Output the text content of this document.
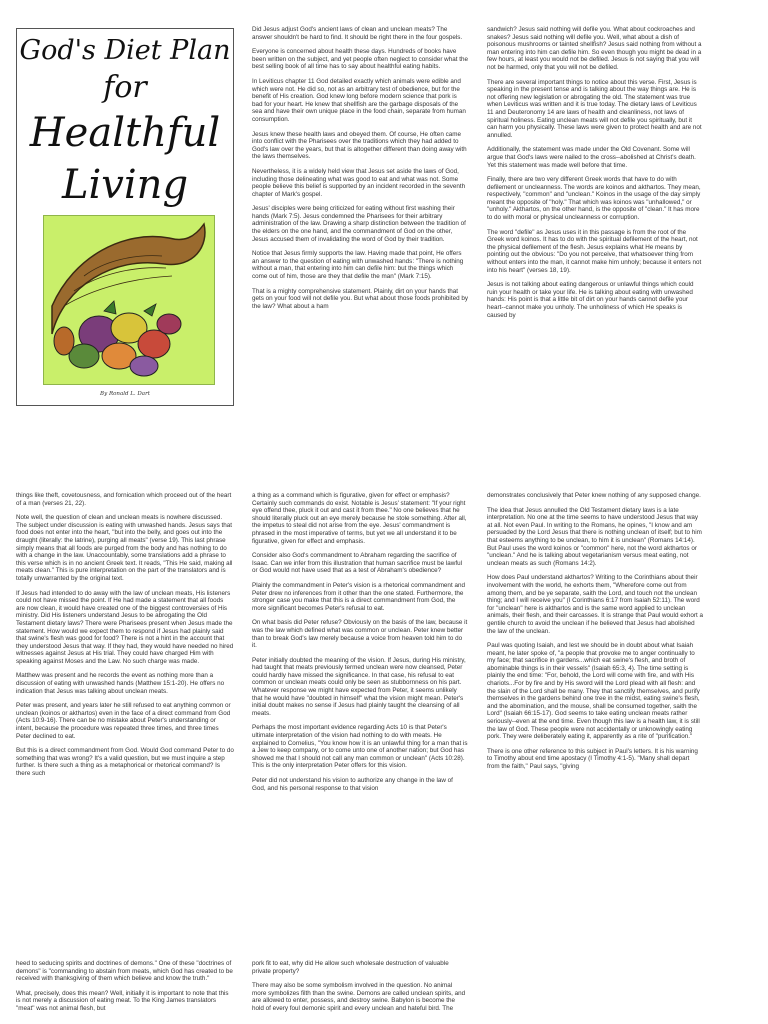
God's Diet Plan
for
Healthful
Living
By Ronald L. Dart

Did Jesus adjust God's ancient laws of clean and unclean meats? The answer shouldn't be hard to find. It should be right there in the four gospels.

Everyone is concerned about health these days. Hundreds of books have been written on the subject, and yet people often neglect to consider what the best selling book of all time has to say about healthful eating habits.

In Leviticus chapter 11 God detailed exactly which animals were edible and which were not. He did so, not as an arbitrary test of obedience, but for the benefit of His creation. God knew long before modern science that pork is bad for your heart. He knew that shellfish are the garbage disposals of the sea and have their own unique place in the food chain, separate from human consumption.

Jesus knew these health laws and obeyed them. Of course, He often came into conflict with the Pharisees over the traditions which they had added to God's law over the years, but that is altogether different than doing away with the laws themselves.

Nevertheless, it is a widely held view that Jesus set aside the laws of God, including those delineating what was good to eat and what was not. Some people believe this belief is supported by an incident recorded in the seventh chapter of Mark's gospel.

Jesus' disciples were being criticized for eating without first washing their hands (Mark 7:5). Jesus condemned the Pharisees for their arbitrary administration of the law. Drawing a sharp distinction between the tradition of the elders on the one hand, and the commandment of God on the other, Jesus accused them of invalidating the word of God by their tradition.

Notice that Jesus firmly supports the law. Having made that point, He offers an answer to the question of eating with unwashed hands: "There is nothing without a man, that entering into him can defile him: but the things which come out of him, those are they that defile the man" (Mark 7:15).

That is a mighty comprehensive statement. Plainly, dirt on your hands that gets on your food will not defile you. But what about those foods prohibited by the law? What about a ham

sandwich? Jesus said nothing will defile you. What about cockroaches and snakes? Jesus said nothing will defile you. Well, what about a dish of poisonous mushrooms or tainted shellfish? Jesus said nothing from without a man entering into him can defile him. So even though you might be dead in a few hours, at least you would not be defiled. Jesus is not saying that you will not be harmed, only that you will not be defiled.

There are several important things to notice about this verse. First, Jesus is speaking in the present tense and is talking about the way things are. He is not offering new legislation or abrogating the old. The statement was true when Leviticus was written and it is true today. The dietary laws of Leviticus 11 and Deuteronomy 14 are laws of health and cleanliness, not laws of spiritual holiness. Eating unclean meats will not defile you spiritually, but it can harm you physically. These laws were given to protect health and are not annulled.

Additionally, the statement was made under the Old Covenant. Some will argue that God's laws were nailed to the cross--abolished at Christ's death. Yet this statement was made well before that time.

Finally, there are two very different Greek words that have to do with defilement or uncleanness. The words are koinos and akthartos. They mean, respectively, "common" and "unclean." Koinos in the usage of the day simply meant the opposite of "holy." That which was koinos was "unhallowed," or "unholy." Akthartos, on the other hand, is the opposite of "clean." It has more to do with moral or physical uncleanness or corruption.

The word "defile" as Jesus uses it in this passage is from the root of the Greek word koinos. It has to do with the spiritual defilement of the heart, not the physical defilement of the flesh. Jesus explains what He means by pointing out the obvious: "Do you not perceive, that whatsoever thing from without enters into the man, it cannot make him unholy; because it enters not into his heart" (verses 18, 19).

Jesus is not talking about eating dangerous or unlawful things which could ruin your health or take your life. He is talking about eating with unwashed hands: His point is that a little bit of dirt on your hands cannot defile your heart--cannot make you unholy. The unholiness of which He speaks is caused by

things like theft, covetousness, and fornication which proceed out of the heart of a man (verses 21, 22).

Note well, the question of clean and unclean meats is nowhere discussed. The subject under discussion is eating with unwashed hands. Jesus says that food does not enter into the heart, "but into the belly, and goes out into the draught (literally: the latrine), purging all meats" (verse 19). This last phrase simply means that all foods are purged from the body and has nothing to do with a change in the law. Unaccountably, some translations add a phrase to this verse which is in no ancient Greek text. It reads, "This He said, making all meats clean." This is pure interpretation on the part of the translators and is totally unwarranted by the original text.

If Jesus had intended to do away with the law of unclean meats, His listeners could not have missed the point. If He had made a statement that all foods are now clean, it would have created one of the biggest controversies of His ministry. Did His listeners understand Jesus to be abrogating the Old Testament dietary laws? There were Pharisees present when Jesus made the statement. How would we expect them to respond if Jesus had plainly said that swine's flesh was good for food? There is not a hint in the account that they understood Jesus that way. If they had, they would have needed no hired witnesses against Jesus at His trial. They could have charged Him with speaking against Moses and the Law. No such charge was made.

Matthew was present and he records the event as nothing more than a discussion of eating with unwashed hands (Matthew 15:1-20). He offers no indication that Jesus was talking about unclean meats.

Peter was present, and years later he still refused to eat anything common or unclean (koinos or akthartos) even in the face of a direct command from God (Acts 10:9-16). There can be no mistake about Peter's understanding or intent, because the procedure was repeated three times, and three times Peter declined to eat.

But this is a direct commandment from God. Would God command Peter to do something that was wrong? It's a valid question, but we must inquire a step further. Is there such a thing as a metaphorical or rhetorical command? Is there such

a thing as a command which is figurative, given for effect or emphasis? Certainly such commands do exist. Notable is Jesus' statement: "If your right eye offend thee, pluck it out and cast it from thee." No one believes that he should literally pluck out an eye merely because he stole something. After all, the impetus to steal did not arise from the eye. Jesus' commandment is phrased in the most imperative of terms, but yet we all understand it to be figurative, given for effect and emphasis.

Consider also God's commandment to Abraham regarding the sacrifice of Isaac. Can we infer from this illustration that human sacrifice must be lawful or God would not have used that as a test of Abraham's obedience?

Plainly the commandment in Peter's vision is a rhetorical commandment and Peter drew no inferences from it other than the one stated. Furthermore, the stronger case you make that this is a direct commandment from God, the more significant becomes Peter's refusal to eat.

On what basis did Peter refuse? Obviously on the basis of the law, because it was the law which defined what was common or unclean. Peter knew better than to break God's law merely because a voice from heaven told him to do it.

Peter initially doubted the meaning of the vision. If Jesus, during His ministry, had taught that meats previously termed unclean were now cleansed, Peter could hardly have missed the significance. In that case, his refusal to eat common or unclean meats could only be seen as stubbornness on his part. Whatever response we might have expected from Peter, it seems unlikely that he would have "doubted in himself" what the vision might mean. Peter's initial doubt makes no sense if Jesus had plainly taught the cleansing of all meats.

Perhaps the most important evidence regarding Acts 10 is that Peter's ultimate interpretation of the vision had nothing to do with meats. He explained to Cornelius, "You know how it is an unlawful thing for a man that is a Jew to keep company, or to come unto one of another nation; but God has showed me that I should not call any man common or unclean" (Acts 10:28). This is the only interpretation Peter offers for this vision.

Peter did not understand his vision to authorize any change in the law of God, and his personal response to that vision

demonstrates conclusively that Peter knew nothing of any supposed change.

The idea that Jesus annulled the Old Testament dietary laws is a late interpretation. No one at the time seems to have understood Jesus that way at all. Not even Paul. In writing to the Romans, he opines, "I know and am persuaded by the Lord Jesus that there is nothing unclean of itself; but to him that esteems anything to be unclean, to him it is unclean" (Romans 14:14). But Paul uses the word koinos or "common" here, not the word akthartos or "unclean." And he is talking about vegetarianism versus meat eating, not unclean meats as such (Romans 14:2).

How does Paul understand akthartos? Writing to the Corinthians about their involvement with the world, he exhorts them, "Wherefore come out from among them, and be ye separate, saith the Lord, and touch not the unclean thing; and I will receive you" (I Corinthians 6:17 from Isaiah 52:11). The word for "unclean" here is akthartos and is the same word applied to unclean animals, their flesh, and their carcasses. It is strange that Paul would exhort a gentile church to avoid the unclean if he believed that Jesus had abolished the law of the unclean.

Paul was quoting Isaiah, and lest we should be in doubt about what Isaiah meant, he later spoke of, "a people that provoke me to anger continually to my face; that sacrifice in gardens...which eat swine's flesh, and broth of abominable things is in their vessels" (Isaiah 65:3, 4). The time setting is plainly the end time: "For, behold, the Lord will come with fire, and with His chariots...For by fire and by His sword will the Lord plead with all flesh: and the slain of the Lord shall be many. They that sanctify themselves, and purify themselves in the gardens behind one tree in the midst, eating swine's flesh, and the abomination, and the mouse, shall be consumed together, saith the Lord" (Isaiah 66:15-17). God seems to take eating unclean meats rather seriously--even at the end time. Even though this law is a health law, it is still the law of God. These people were not accidentally or unknowingly eating pork. They were deliberately eating it, apparently as a rite of "purification."

There is one other reference to this subject in Paul's letters. It is his warning to Timothy about end time apostacy (I Timothy 4:1-5). "Many shall depart from the faith," Paul says, "giving

heed to seducing spirits and doctrines of demons." One of these "doctrines of demons" is "commanding to abstain from meats, which God has created to be received with thanksgiving of them which believe and know the truth."

What, precisely, does this mean? Well, initially it is important to note that this is not merely a discussion of eating meat. To the King James translators "meat" was not animal flesh, but

pork fit to eat, why did He allow such wholesale destruction of valuable private property?

There may also be some symbolism involved in the question. No animal more symbolizes filth than the swine. Demons are called unclean spirits, and are allowed to enter, possess, and destroy swine. Babylon is become the hold of every foul demonic spirit and every unclean and hateful bird. The
